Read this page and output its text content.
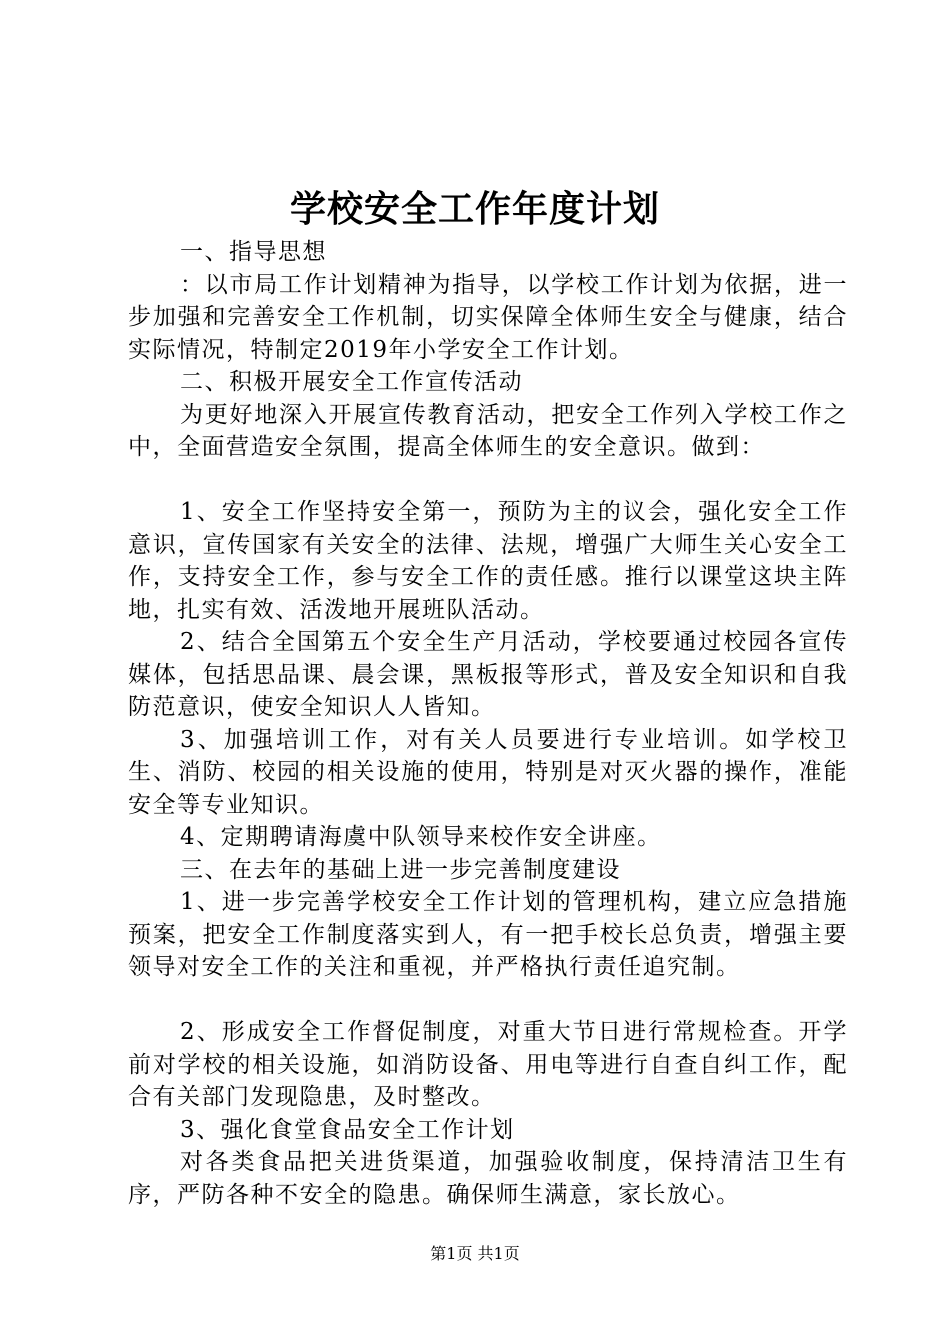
学校安全工作年度计划

一、指导思想

：以市局工作计划精神为指导，以学校工作计划为依据，进一步加强和完善安全工作机制，切实保障全体师生安全与健康，结合实际情况，特制定2019年小学安全工作计划。

二、积极开展安全工作宣传活动

为更好地深入开展宣传教育活动，把安全工作列入学校工作之中，全面营造安全氛围，提高全体师生的安全意识。做到：

1、安全工作坚持安全第一，预防为主的议会，强化安全工作意识，宣传国家有关安全的法律、法规，增强广大师生关心安全工作，支持安全工作，参与安全工作的责任感。推行以课堂这块主阵地，扎实有效、活泼地开展班队活动。

2、结合全国第五个安全生产月活动，学校要通过校园各宣传媒体，包括思品课、晨会课，黑板报等形式，普及安全知识和自我防范意识，使安全知识人人皆知。

3、加强培训工作，对有关人员要进行专业培训。如学校卫生、消防、校园的相关设施的使用，特别是对灭火器的操作，准能安全等专业知识。

4、定期聘请海虞中队领导来校作安全讲座。

三、在去年的基础上进一步完善制度建设

1、进一步完善学校安全工作计划的管理机构，建立应急措施预案，把安全工作制度落实到人，有一把手校长总负责，增强主要领导对安全工作的关注和重视，并严格执行责任追究制。

2、形成安全工作督促制度，对重大节日进行常规检查。开学前对学校的相关设施，如消防设备、用电等进行自查自纠工作，配合有关部门发现隐患，及时整改。

3、强化食堂食品安全工作计划

对各类食品把关进货渠道，加强验收制度，保持清洁卫生有序，严防各种不安全的隐患。确保师生满意，家长放心。

第1页 共1页
